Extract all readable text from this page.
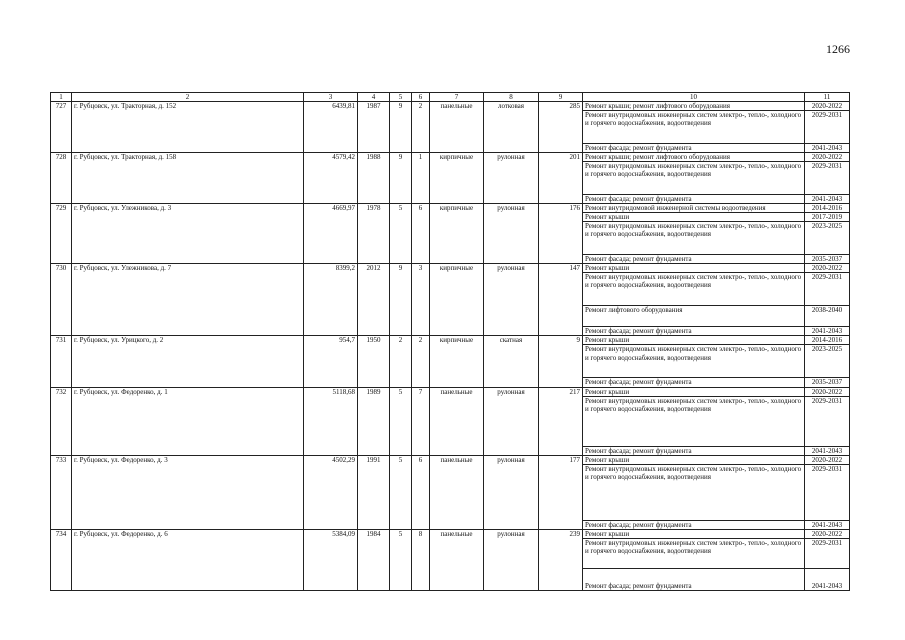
1266
1	2	3	4	5	6	7	8	9	10	11
727	г. Рубцовск, ул. Тракторная, д. 152	6439,81	1987	9	2	панельные	лотковая	285	Ремонт крыши; ремонт лифтового оборудования	2020-2022
									Ремонт внутридомовых инженерных систем электро-, тепло-, холодного и горячего водоснабжения, водоотведения	2029-2031
									Ремонт фасада; ремонт фундамента	2041-2043
728	г. Рубцовск, ул. Тракторная, д. 158	4579,42	1988	9	1	кирпичные	рулонная	201	Ремонт крыши; ремонт лифтового оборудования	2020-2022
									Ремонт внутридомовых инженерных систем электро-, тепло-, холодного и горячего водоснабжения, водоотведения	2029-2031
									Ремонт фасада; ремонт фундамента	2041-2043
729	г. Рубцовск, ул. Улежникова, д. 3	4669,97	1978	5	6	кирпичные	рулонная	176	Ремонт внутридомовой инженерной системы водоотведения	2014-2016
									Ремонт крыши	2017-2019
									Ремонт внутридомовых инженерных систем электро-, тепло-, холодного и горячего водоснабжения, водоотведения	2023-2025
									Ремонт фасада; ремонт фундамента	2035-2037
730	г. Рубцовск, ул. Улежникова, д. 7	8399,2	2012	9	3	кирпичные	рулонная	147	Ремонт крыши	2020-2022
									Ремонт внутридомовых инженерных систем электро-, тепло-, холодного и горячего водоснабжения, водоотведения	2029-2031
									Ремонт лифтового оборудования	2038-2040
									Ремонт фасада; ремонт фундамента	2041-2043
731	г. Рубцовск, ул. Урицкого, д. 2	954,7	1950	2	2	кирпичные	скатная	9	Ремонт крыши	2014-2016
									Ремонт внутридомовых инженерных систем электро-, тепло-, холодного и горячего водоснабжения, водоотведения	2023-2025
									Ремонт фасада; ремонт фундамента	2035-2037
732	г. Рубцовск, ул. Федоренко, д. 1	5118,68	1989	5	7	панельные	рулонная	217	Ремонт крыши	2020-2022
									Ремонт внутридомовых инженерных систем электро-, тепло-, холодного и горячего водоснабжения, водоотведения	2029-2031
									Ремонт фасада; ремонт фундамента	2041-2043
733	г. Рубцовск, ул. Федоренко, д. 3	4502,29	1991	5	6	панельные	рулонная	177	Ремонт крыши	2020-2022
									Ремонт внутридомовых инженерных систем электро-, тепло-, холодного и горячего водоснабжения, водоотведения	2029-2031
									Ремонт фасада; ремонт фундамента	2041-2043
734	г. Рубцовск, ул. Федоренко, д. 6	5384,09	1984	5	8	панельные	рулонная	239	Ремонт крыши	2020-2022
									Ремонт внутридомовых инженерных систем электро-, тепло-, холодного и горячего водоснабжения, водоотведения	2029-2031
									Ремонт фасада; ремонт фундамента	2041-2043
